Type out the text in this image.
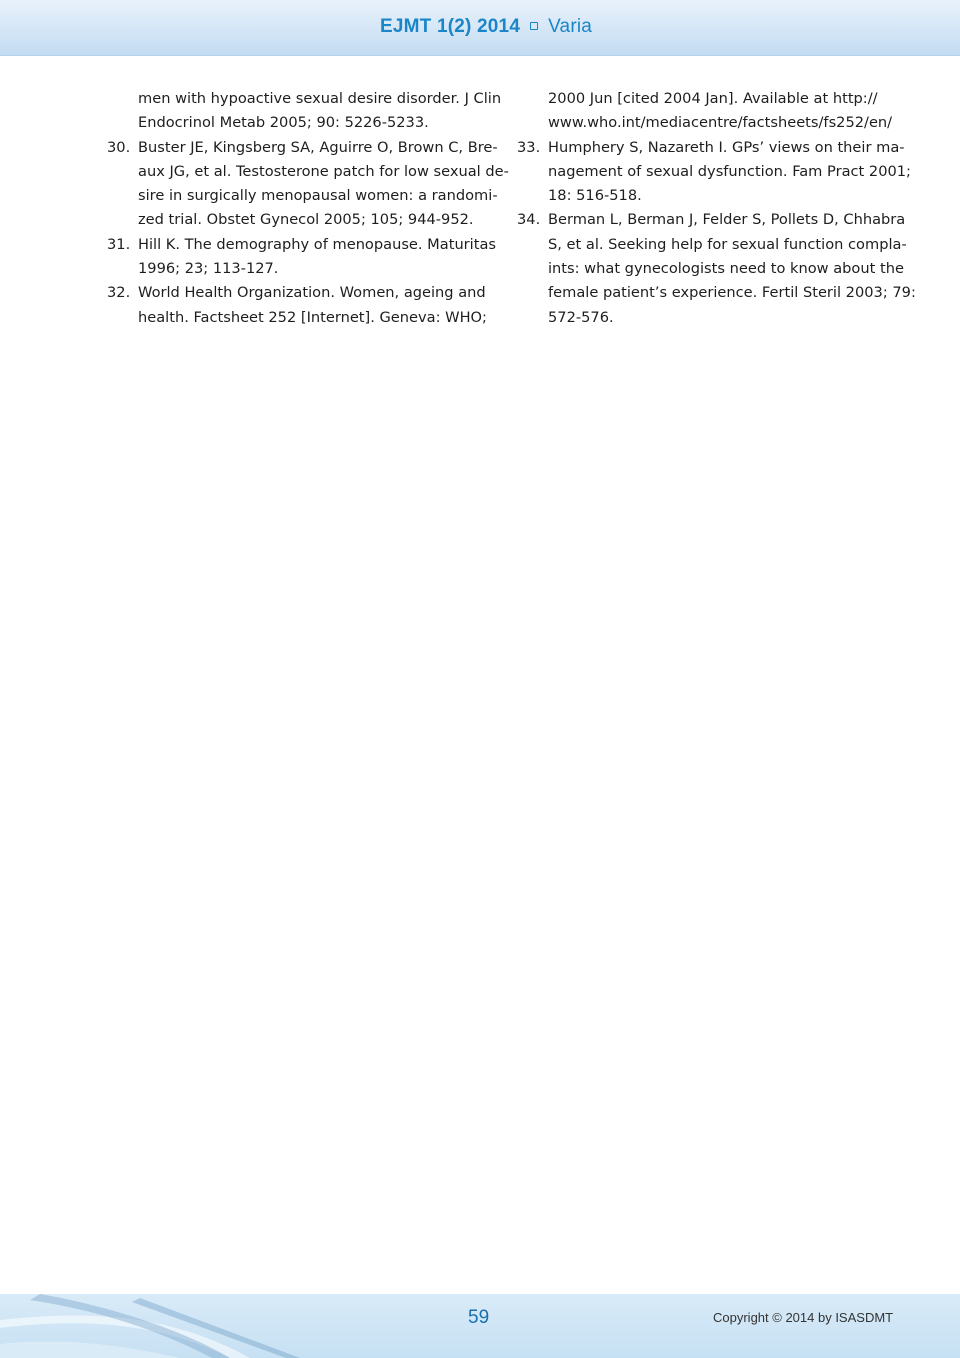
EJMT 1(2) 2014 Varia
men with hypoactive sexual desire disorder. J Clin
Endocrinol Metab 2005; 90: 5226-5233.
30. Buster JE, Kingsberg SA, Aguirre O, Brown C, Bre-
aux JG, et al. Testosterone patch for low sexual de-
sire in surgically menopausal women: a randomi-
zed trial. Obstet Gynecol 2005; 105; 944-952.
31. Hill K. The demography of menopause. Maturitas
1996; 23; 113-127.
32. World Health Organization. Women, ageing and
health. Factsheet 252 [Internet]. Geneva: WHO;
2000 Jun [cited 2004 Jan]. Available at http://
www.who.int/mediacentre/factsheets/fs252/en/
33. Humphery S, Nazareth I. GPs’ views on their ma-
nagement of sexual dysfunction. Fam Pract 2001;
18: 516-518.
34. Berman L, Berman J, Felder S, Pollets D, Chhabra
S, et al. Seeking help for sexual function compla-
ints: what gynecologists need to know about the
female patient’s experience. Fertil Steril 2003; 79:
572-576.
59	Copyright © 2014 by ISASDMT
